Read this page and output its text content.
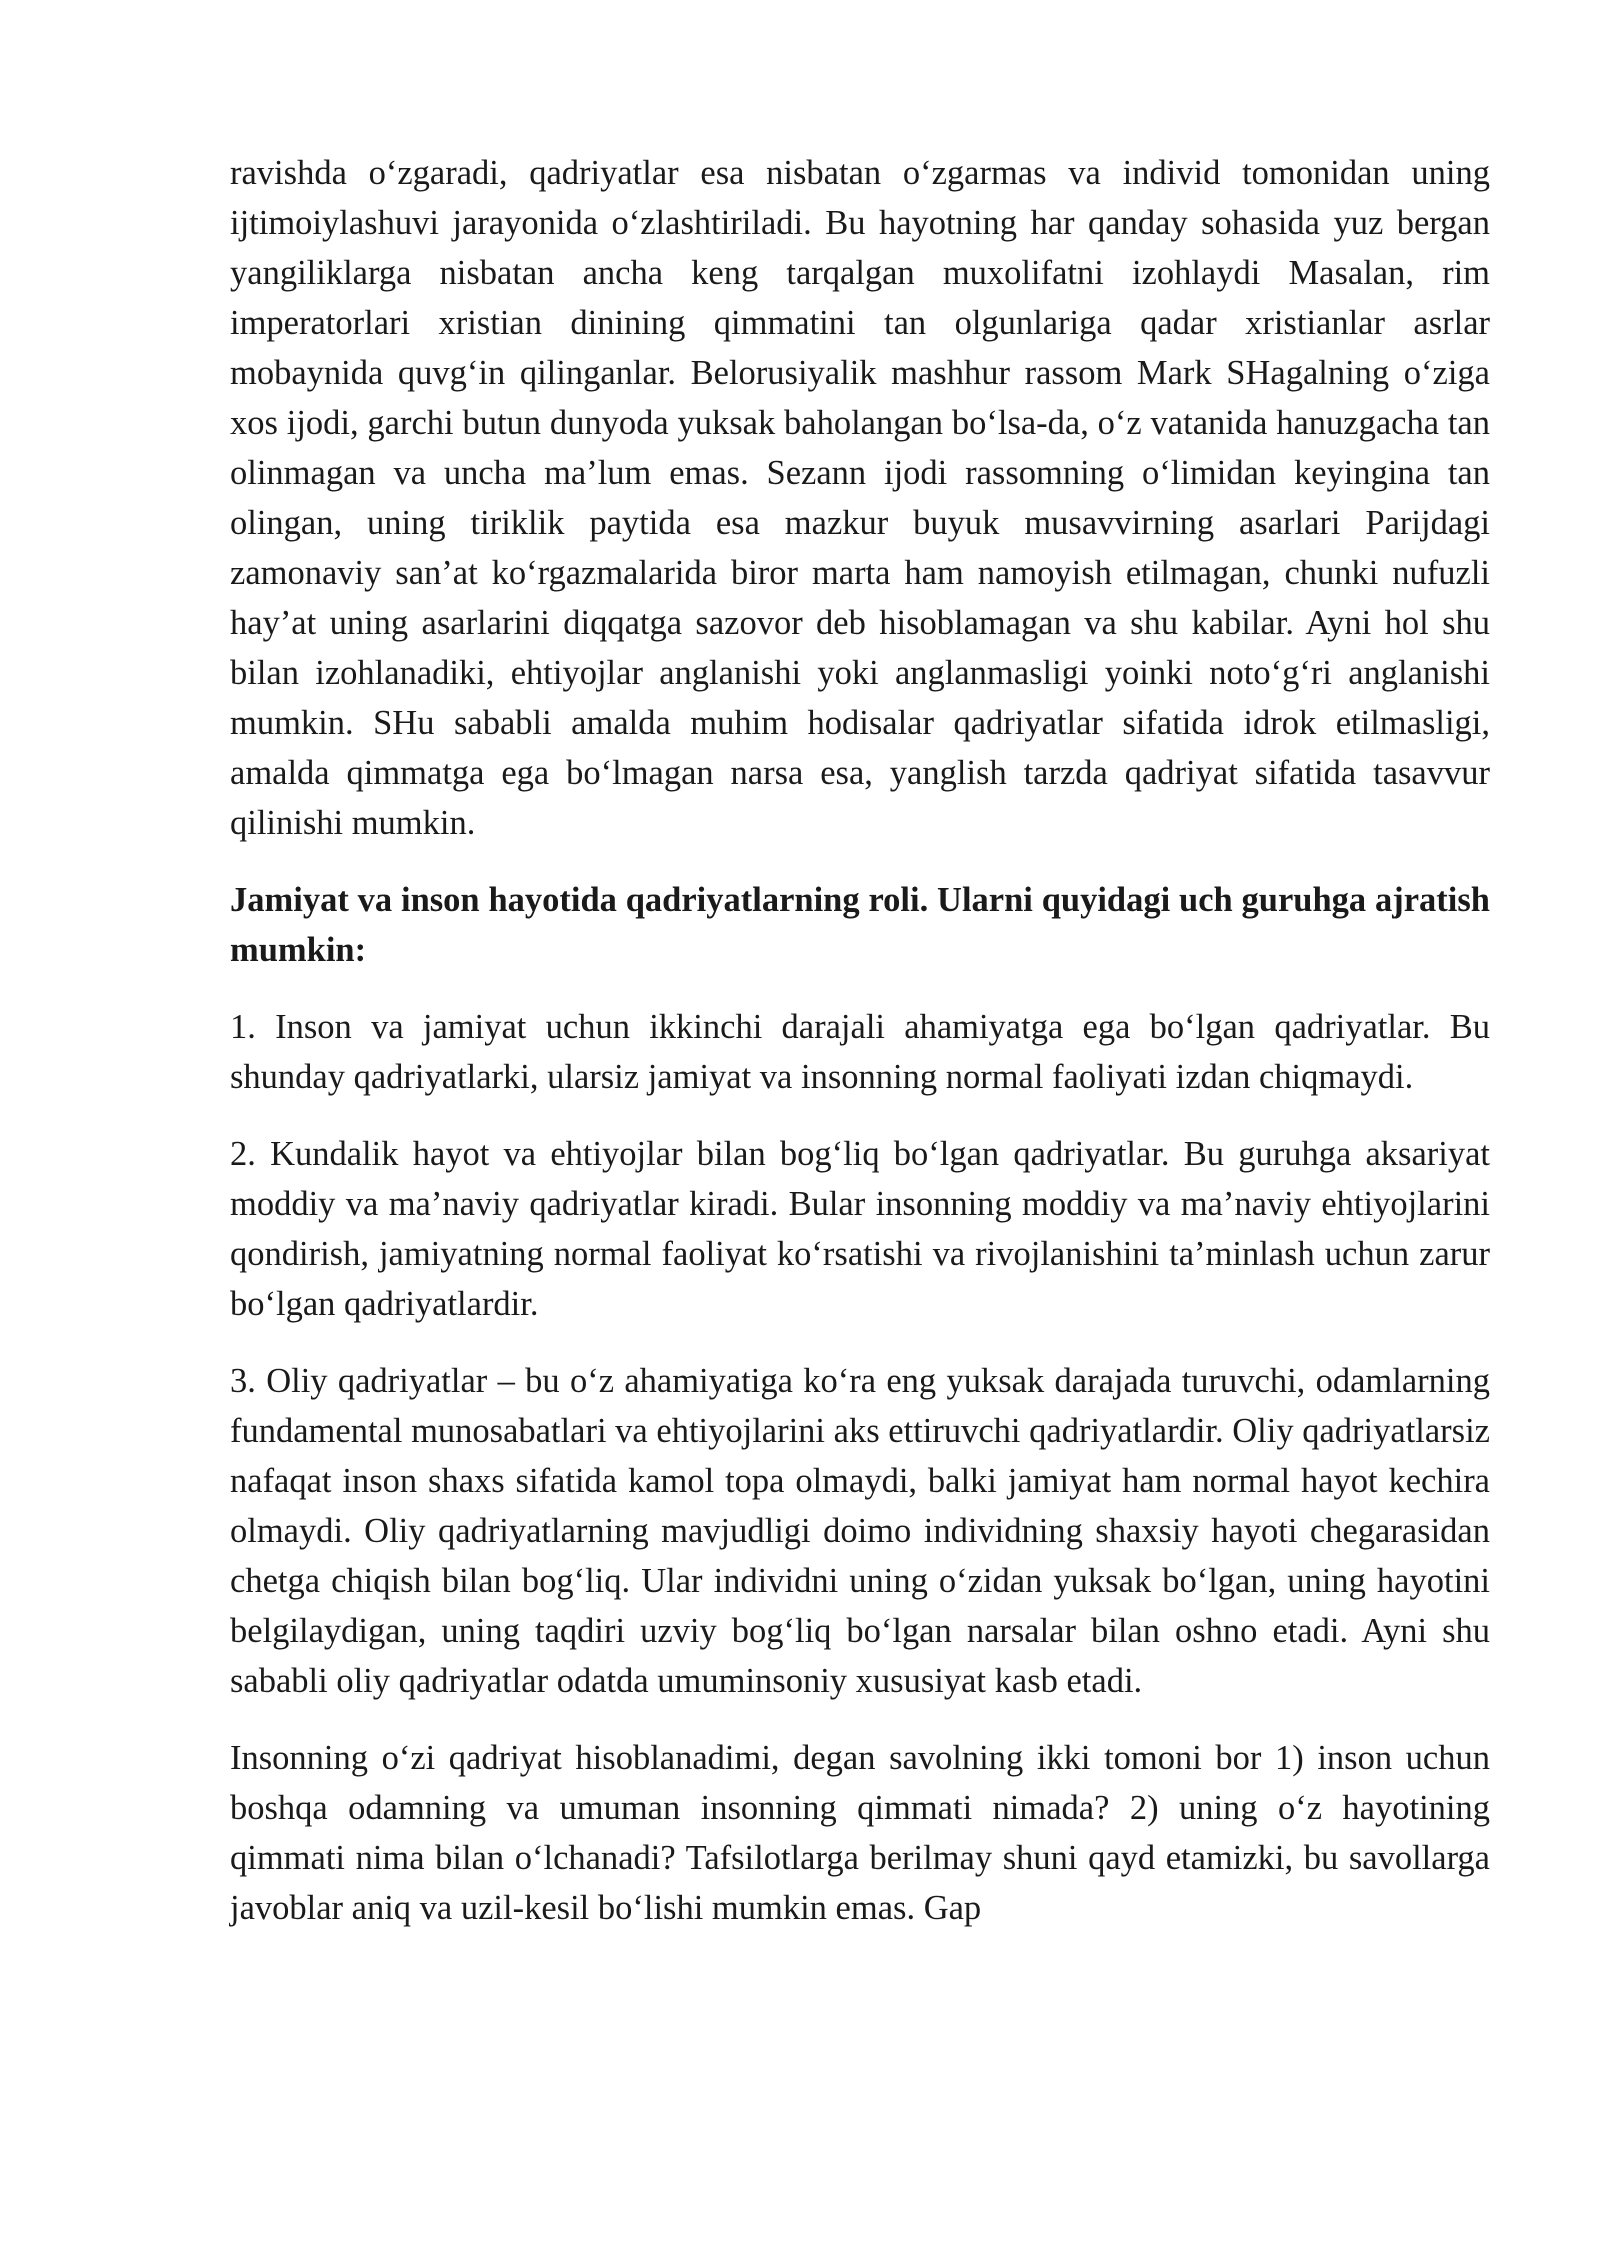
ravishda o‘zgaradi, qadriyatlar esa nisbatan o‘zgarmas va individ tomonidan uning ijtimoiylashuvi jarayonida o‘zlashtiriladi. Bu hayotning har qanday sohasida yuz bergan yangiliklarga nisbatan ancha keng tarqalgan muxolifatni izohlaydi Masalan, rim imperatorlari xristian dinining qimmatini tan olgunlariga qadar xristianlar asrlar mobaynida quvg‘in qilinganlar. Belorusiyalik mashhur rassom Mark SHagalning o‘ziga xos ijodi, garchi butun dunyoda yuksak baholangan bo‘lsa-da, o‘z vatanida hanuzgacha tan olinmagan va uncha ma’lum emas. Sezann ijodi rassomning o‘limidan keyingina tan olingan, uning tiriklik paytida esa mazkur buyuk musavvirning asarlari Parijdagi zamonaviy san’at ko‘rgazmalarida biror marta ham namoyish etilmagan, chunki nufuzli hay’at uning asarlarini diqqatga sazovor deb hisoblamagan va shu kabilar. Ayni hol shu bilan izohlanadiki, ehtiyojlar anglanishi yoki anglanmasligi yoinki noto‘g‘ri anglanishi mumkin. SHu sababli amalda muhim hodisalar qadriyatlar sifatida idrok etilmasligi, amalda qimmatga ega bo‘lmagan narsa esa, yanglish tarzda qadriyat sifatida tasavvur qilinishi mumkin.

Jamiyat va inson hayotida qadriyatlarning roli. Ularni quyidagi uch guruhga ajratish mumkin:

1. Inson va jamiyat uchun ikkinchi darajali ahamiyatga ega bo‘lgan qadriyatlar. Bu shunday qadriyatlarki, ularsiz jamiyat va insonning normal faoliyati izdan chiqmaydi.

2. Kundalik hayot va ehtiyojlar bilan bog‘liq bo‘lgan qadriyatlar. Bu guruhga aksariyat moddiy va ma’naviy qadriyatlar kiradi. Bular insonning moddiy va ma’naviy ehtiyojlarini qondirish, jamiyatning normal faoliyat ko‘rsatishi va rivojlanishini ta’minlash uchun zarur bo‘lgan qadriyatlardir.

3. Oliy qadriyatlar – bu o‘z ahamiyatiga ko‘ra eng yuksak darajada turuvchi, odamlarning fundamental munosabatlari va ehtiyojlarini aks ettiruvchi qadriyatlardir. Oliy qadriyatlarsiz nafaqat inson shaxs sifatida kamol topa olmaydi, balki jamiyat ham normal hayot kechira olmaydi. Oliy qadriyatlarning mavjudligi doimo individning shaxsiy hayoti chegarasidan chetga chiqish bilan bog‘liq. Ular individni uning o‘zidan yuksak bo‘lgan, uning hayotini belgilaydigan, uning taqdiri uzviy bog‘liq bo‘lgan narsalar bilan oshno etadi. Ayni shu sababli oliy qadriyatlar odatda umuminsoniy xususiyat kasb etadi.

Insonning o‘zi qadriyat hisoblanadimi, degan savolning ikki tomoni bor 1) inson uchun boshqa odamning va umuman insonning qimmati nimada? 2) uning o‘z hayotining qimmati nima bilan o‘lchanadi? Tafsilotlarga berilmay shuni qayd etamizki, bu savollarga javoblar aniq va uzil-kesil bo‘lishi mumkin emas. Gap
